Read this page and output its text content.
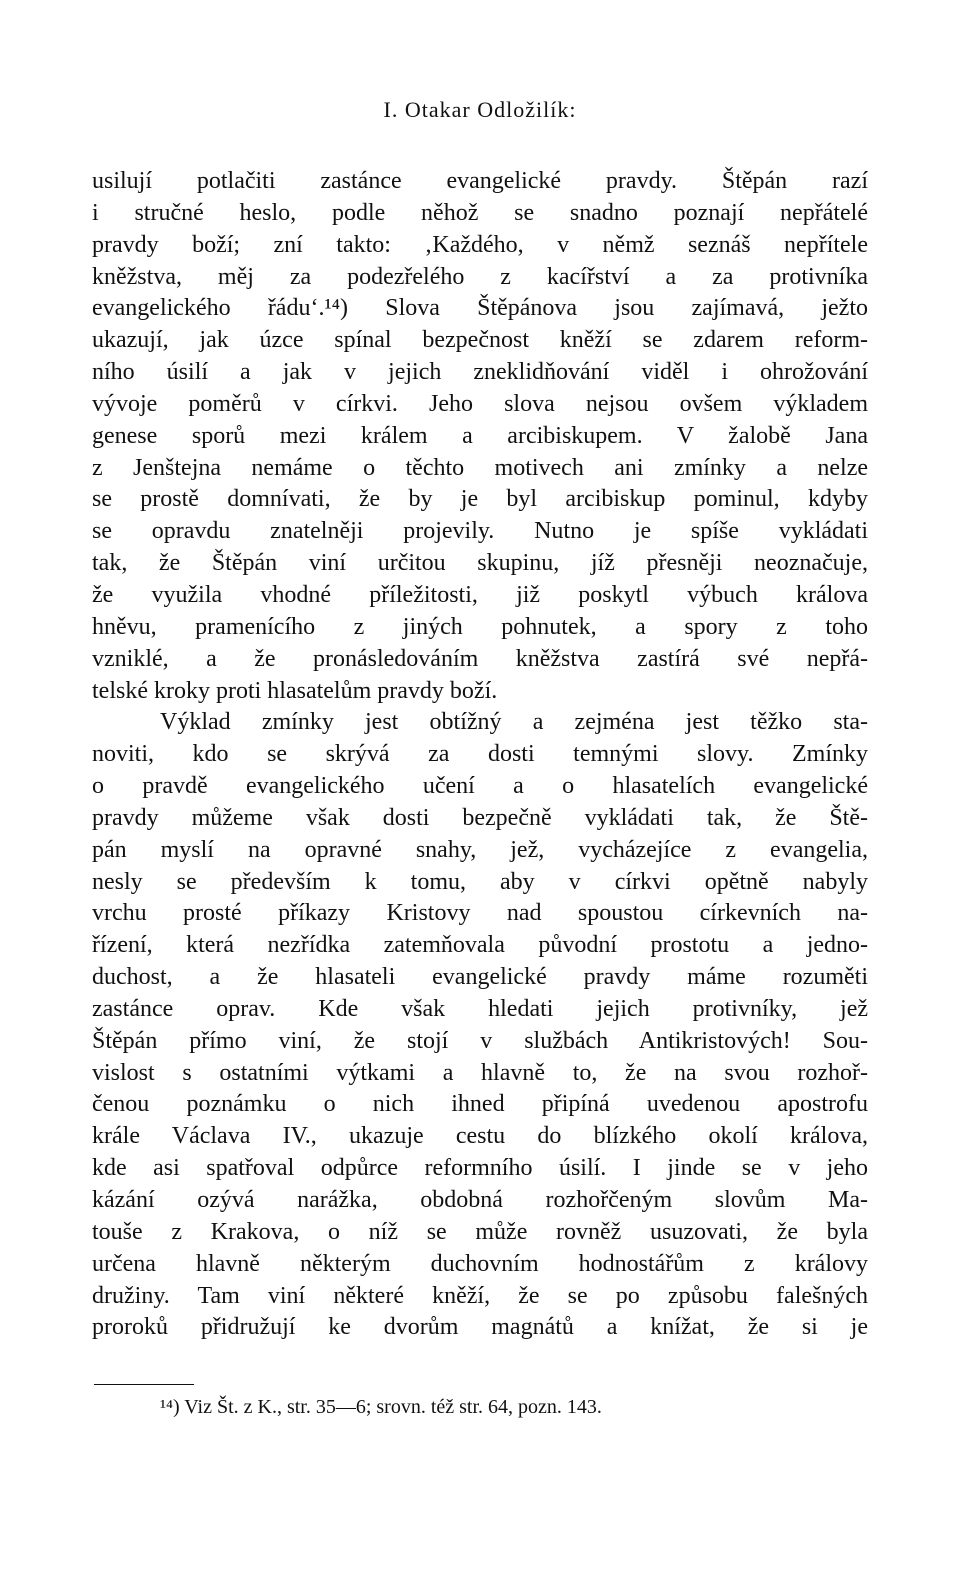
I. Otakar Odložilík:
usilují potlačiti zastánce evangelické pravdy. Štěpán razí
i stručné heslo, podle něhož se snadno poznají nepřátelé
pravdy boží; zní takto: ‚Každého, v němž seznáš nepřítele
kněžstva, měj za podezřelého z kacířství a za protivníka
evangelického řádu‘.¹⁴) Slova Štěpánova jsou zajímavá, ježto
ukazují, jak úzce spínal bezpečnost kněží se zdarem reform-
ního úsilí a jak v jejich zneklidňování viděl i ohrožování
vývoje poměrů v církvi. Jeho slova nejsou ovšem výkladem
genese sporů mezi králem a arcibiskupem. V žalobě Jana
z Jenštejna nemáme o těchto motivech ani zmínky a nelze
se prostě domnívati, že by je byl arcibiskup pominul, kdyby
se opravdu znatelněji projevily. Nutno je spíše vykládati
tak, že Štěpán viní určitou skupinu, jíž přesněji neoznačuje,
že využila vhodné příležitosti, již poskytl výbuch králova
hněvu, pramenícího z jiných pohnutek, a spory z toho
vzniklé, a že pronásledováním kněžstva zastírá své nepřá-
telské kroky proti hlasatelům pravdy boží.
Výklad zmínky jest obtížný a zejména jest těžko sta-
noviti, kdo se skrývá za dosti temnými slovy. Zmínky
o pravdě evangelického učení a o hlasatelích evangelické
pravdy můžeme však dosti bezpečně vykládati tak, že Ště-
pán myslí na opravné snahy, jež, vycházejíce z evangelia,
nesly se především k tomu, aby v církvi opětně nabyly
vrchu prosté příkazy Kristovy nad spoustou církevních na-
řízení, která nezřídka zatemňovala původní prostotu a jedno-
duchost, a že hlasateli evangelické pravdy máme rozuměti
zastánce oprav. Kde však hledati jejich protivníky, jež
Štěpán přímo viní, že stojí v službách Antikristových! Sou-
vislost s ostatními výtkami a hlavně to, že na svou rozhoř-
čenou poznámku o nich ihned připíná uvedenou apostrofu
krále Václava IV., ukazuje cestu do blízkého okolí králova,
kde asi spatřoval odpůrce reformního úsilí. I jinde se v jeho
kázání ozývá narážka, obdobná rozhořčeným slovům Ma-
touše z Krakova, o níž se může rovněž usuzovati, že byla
určena hlavně některým duchovním hodnostářům z královy
družiny. Tam viní některé kněží, že se po způsobu falešných
proroků přidružují ke dvorům magnátů a knížat, že si je
¹⁴) Viz Št. z K., str. 35—6; srovn. též str. 64, pozn. 143.
